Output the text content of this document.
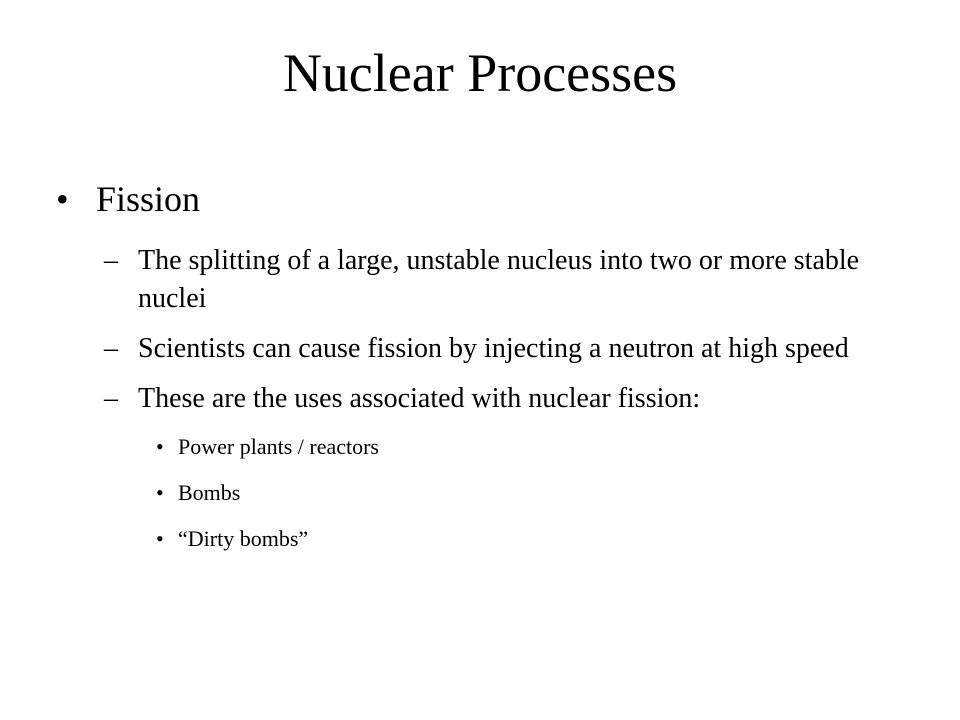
Nuclear Processes
• Fission
– The splitting of a large, unstable nucleus into two or more stable nuclei
– Scientists can cause fission by injecting a neutron at high speed
– These are the uses associated with nuclear fission:
• Power plants / reactors
• Bombs
• “Dirty bombs”
